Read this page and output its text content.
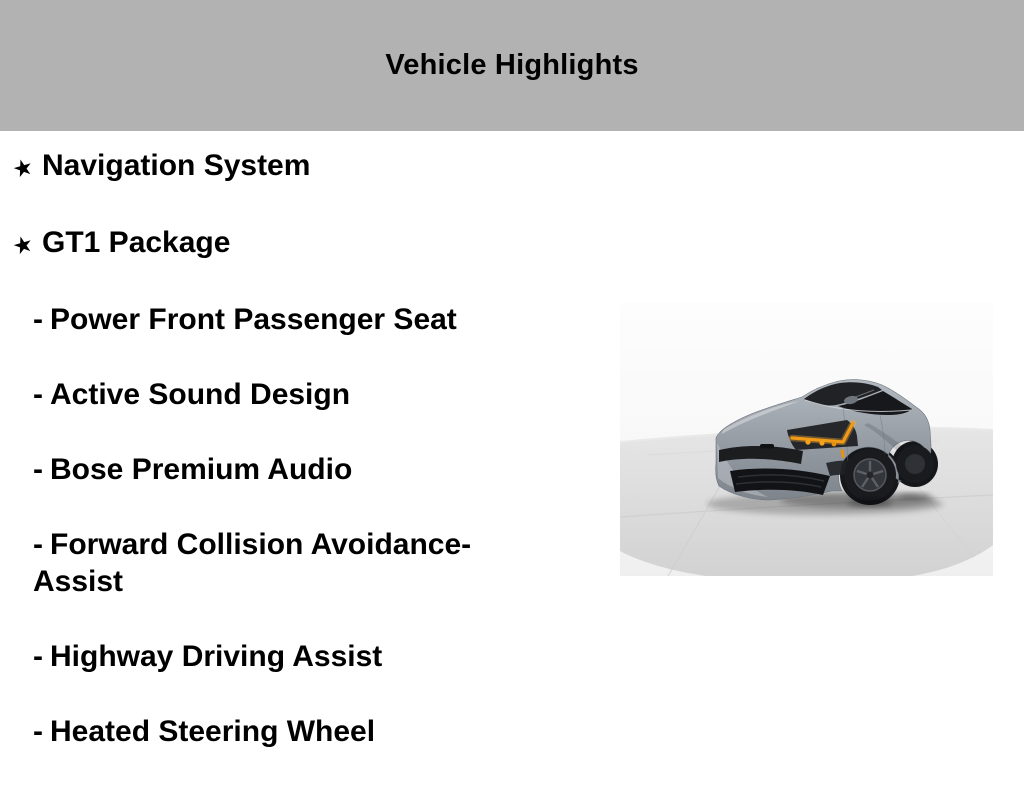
Vehicle Highlights
★ Navigation System
★ GT1 Package
- Power Front Passenger Seat
- Active Sound Design
- Bose Premium Audio
- Forward Collision Avoidance-Assist
- Highway Driving Assist
- Heated Steering Wheel
